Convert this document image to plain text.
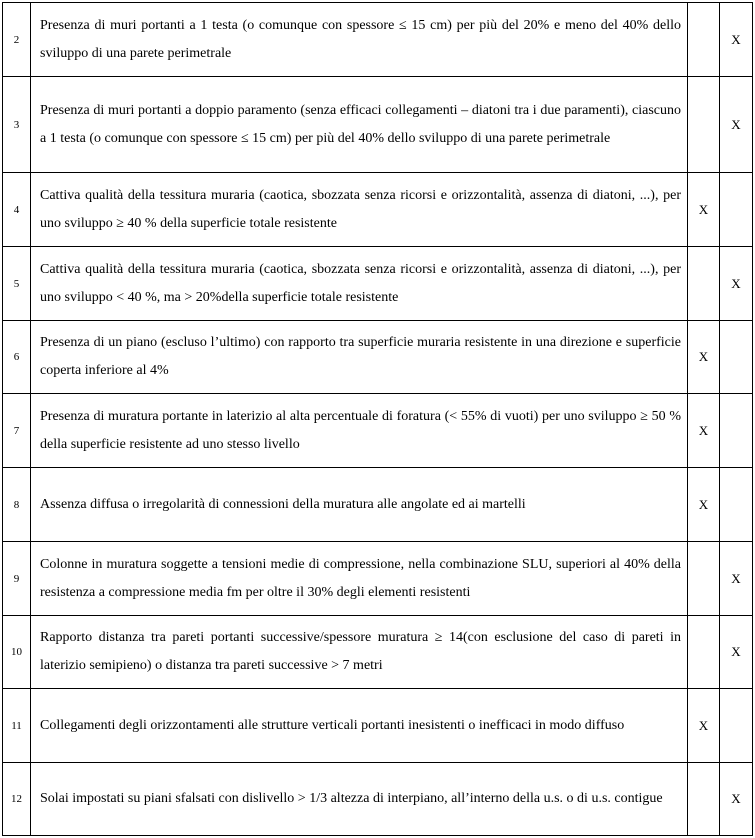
2	Presenza di muri portanti a 1 testa (o comunque con spessore ≤ 15 cm) per più del 20% e meno del 40% dello sviluppo di una parete perimetrale		X
3	Presenza di muri portanti a doppio paramento (senza efficaci collegamenti – diatoni tra i due paramenti), ciascuno a 1 testa (o comunque con spessore ≤ 15 cm) per più del 40% dello sviluppo di una parete perimetrale		X
4	Cattiva qualità della tessitura muraria (caotica, sbozzata senza ricorsi e orizzontalità, assenza di diatoni, ...), per uno sviluppo ≥ 40 % della superficie totale resistente	X	
5	Cattiva qualità della tessitura muraria (caotica, sbozzata senza ricorsi e orizzontalità, assenza di diatoni, ...), per uno sviluppo < 40 %, ma > 20%della superficie totale resistente		X
6	Presenza di un piano (escluso l’ultimo) con rapporto tra superficie muraria resistente in una direzione e superficie coperta inferiore al 4%	X	
7	Presenza di muratura portante in laterizio al alta percentuale di foratura (< 55% di vuoti) per uno sviluppo ≥ 50 % della superficie resistente ad uno stesso livello	X	
8	Assenza diffusa o irregolarità di connessioni della muratura alle angolate ed ai martelli	X	
9	Colonne in muratura soggette a tensioni medie di compressione, nella combinazione SLU, superiori al 40% della resistenza a compressione media fm per oltre il 30% degli elementi resistenti		X
10	Rapporto distanza tra pareti portanti successive/spessore muratura ≥ 14(con esclusione del caso di pareti in laterizio semipieno) o distanza tra pareti successive > 7 metri		X
11	Collegamenti degli orizzontamenti alle strutture verticali portanti inesistenti o inefficaci in modo diffuso	X	
12	Solai impostati su piani sfalsati con dislivello > 1/3 altezza di interpiano, all’interno della u.s. o di u.s. contigue		X
